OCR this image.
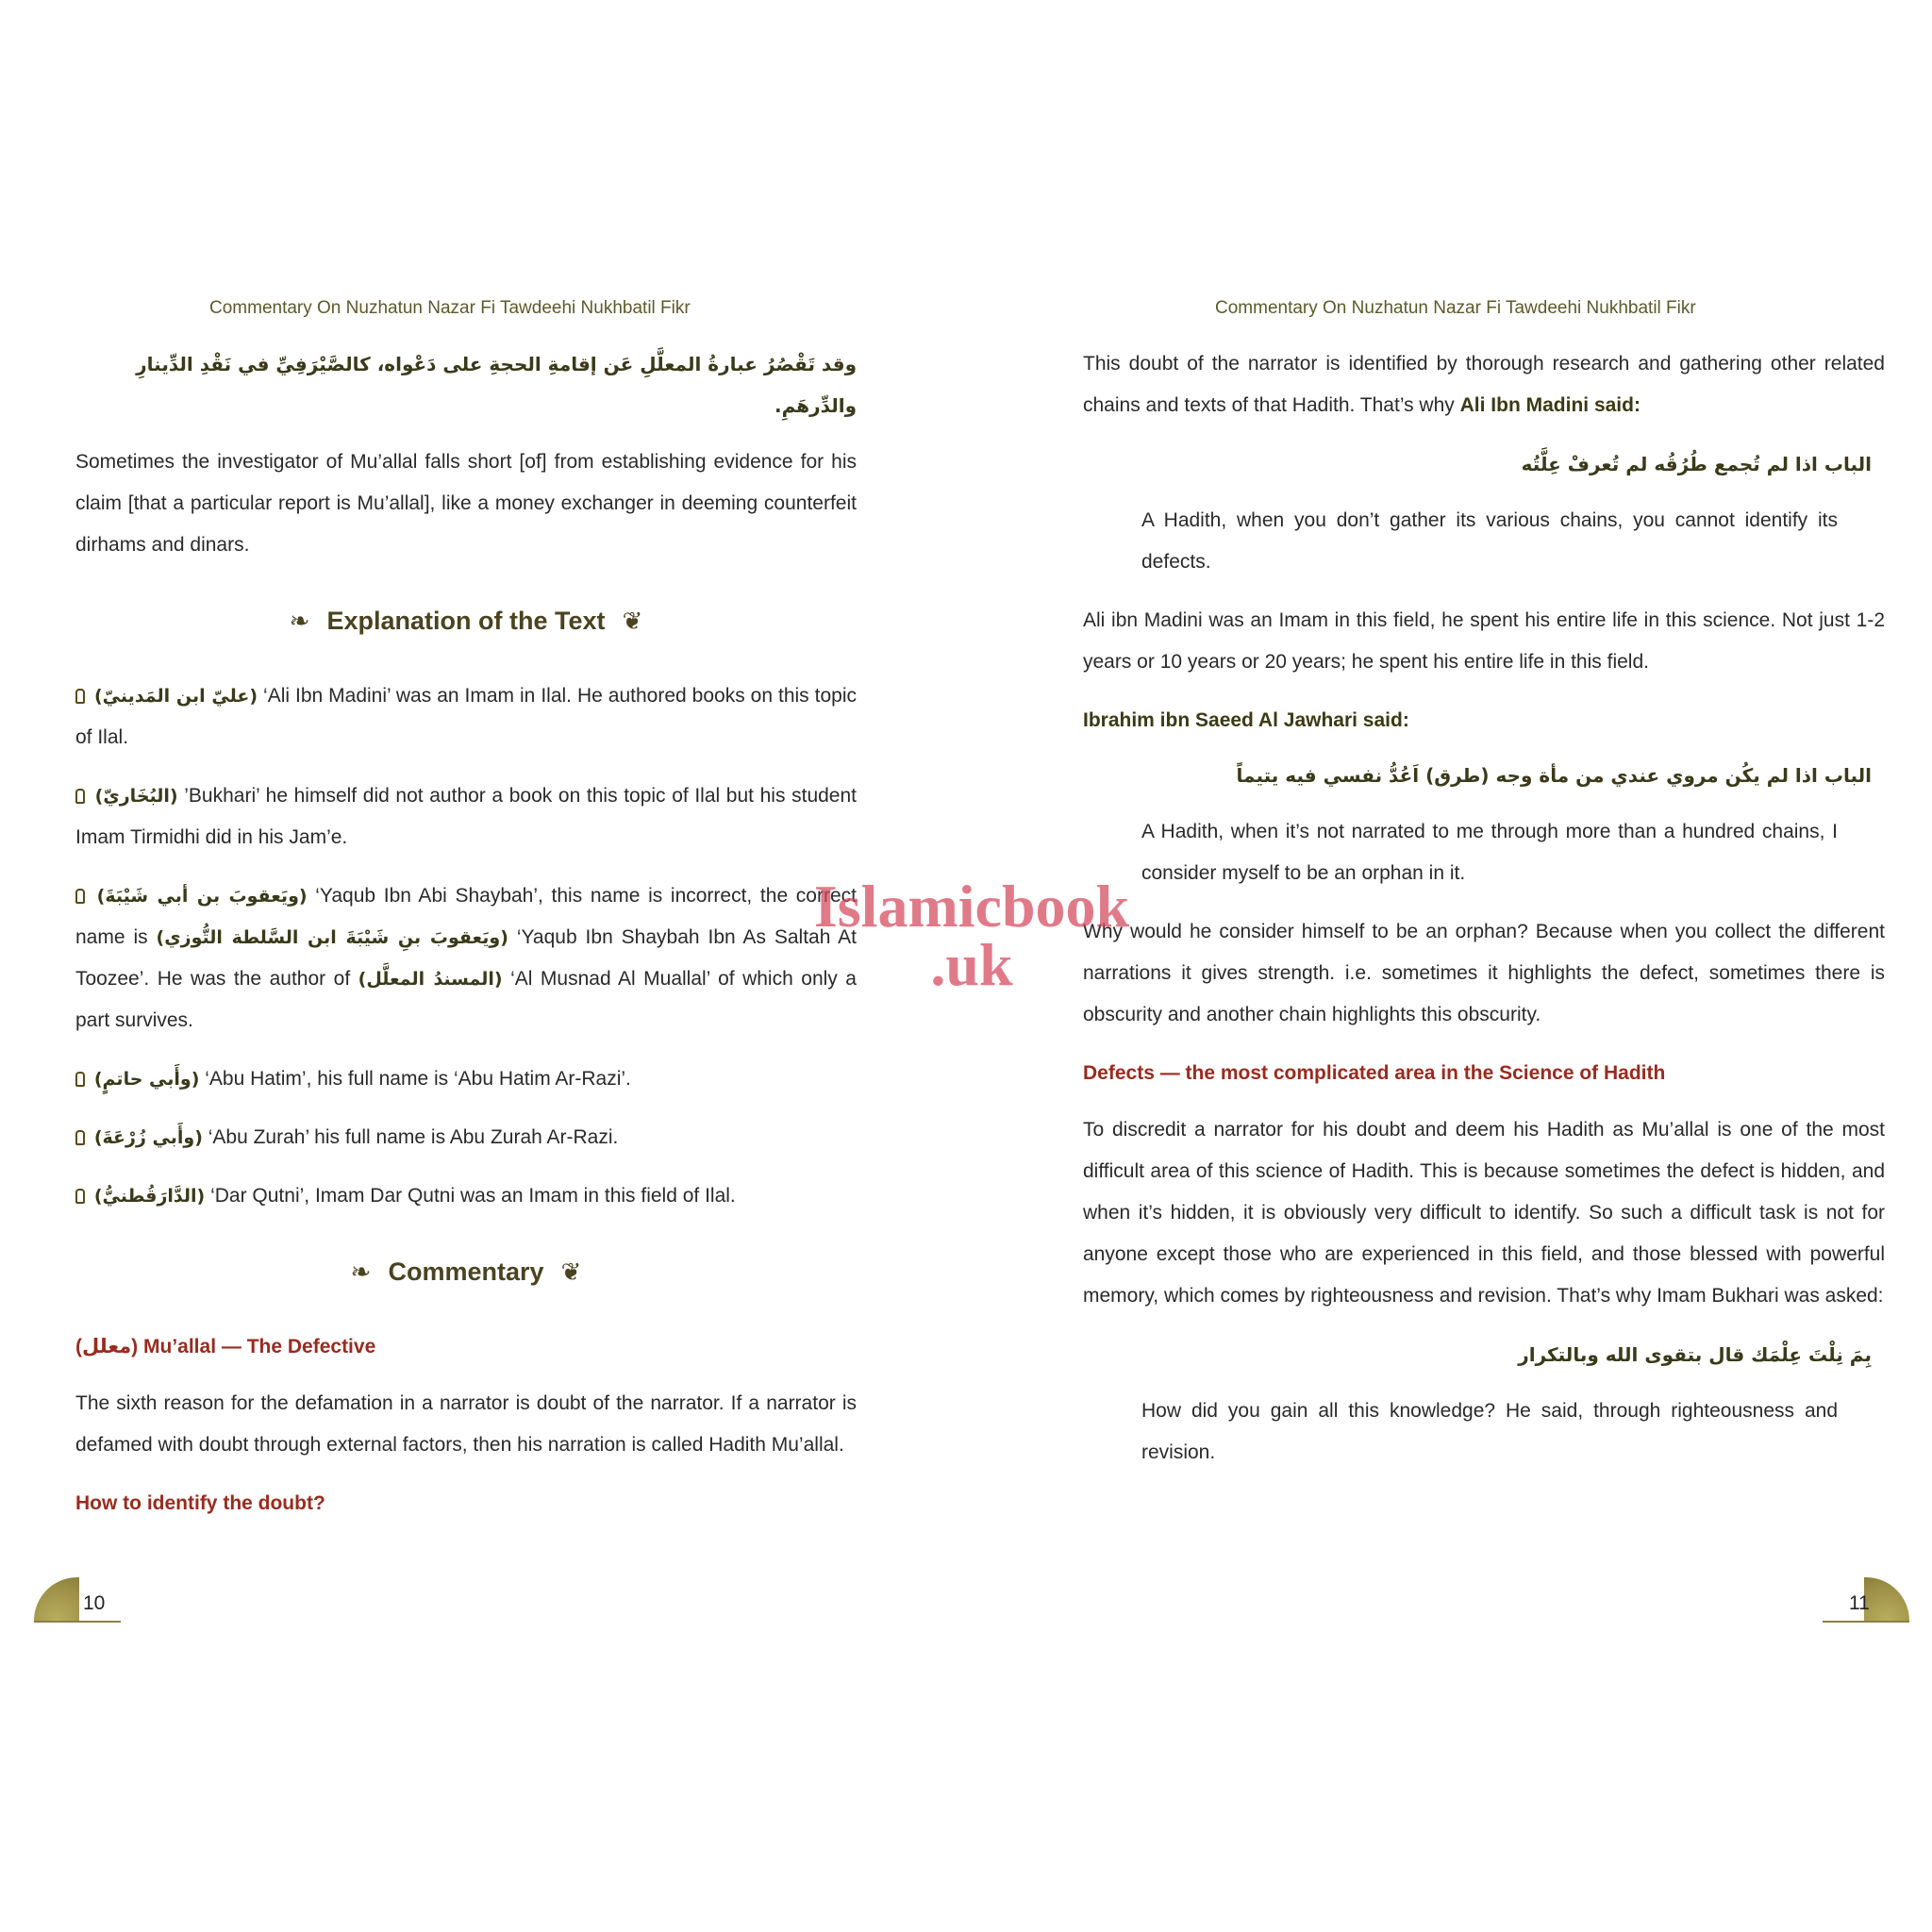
Commentary On Nuzhatun Nazar Fi Tawdeehi Nukhbatil Fikr
وقد تَقْصُرُ عبارةُ المعلَّلِ عَن إقامةِ الحجةِ على دَعْواه، كالصَّيْرَفِيِّ في نَقْدِ الدِّينارِ والدِّرهَمِ.

Sometimes the investigator of Mu’allal falls short [of] from establishing evidence for his claim [that a particular report is Mu’allal], like a money exchanger in deeming counterfeit dirhams and dinars.

❧ Explanation of the Text ❦
(عليّ ابن المَدينيّ) ‘Ali Ibn Madini’ was an Imam in Ilal. He authored books on this topic of Ilal.
(البُخَاريّ) ’Bukhari’ he himself did not author a book on this topic of Ilal but his student Imam Tirmidhi did in his Jam’e.
(ويَعقوبَ بن أبي شَيْبَةَ) ‘Yaqub Ibn Abi Shaybah’, this name is incorrect, the correct name is (ويَعقوبَ بنِ شَيْبَةَ ابن السَّلطة التُّوزي) ‘Yaqub Ibn Shaybah Ibn As Saltah At Toozee’. He was the author of (المسندُ المعلَّل) ‘Al Musnad Al Muallal’ of which only a part survives.
(وأَبي حاتمٍ) ‘Abu Hatim’, his full name is ‘Abu Hatim Ar-Razi’.
(وأَبي زُرْعَةَ) ‘Abu Zurah’ his full name is Abu Zurah Ar-Razi.
(الدَّارَقُطنيُّ) ‘Dar Qutni’, Imam Dar Qutni was an Imam in this field of Ilal.
❧ Commentary ❦
(معلل) Mu’allal — The Defective

The sixth reason for the defamation in a narrator is doubt of the narrator. If a narrator is defamed with doubt through external factors, then his narration is called Hadith Mu’allal.

How to identify the doubt?
10
Commentary On Nuzhatun Nazar Fi Tawdeehi Nukhbatil Fikr

This doubt of the narrator is identified by thorough research and gathering other related chains and texts of that Hadith. That’s why Ali Ibn Madini said:

الباب اذا لم تُجمع طُرُقُه لم تُعرفْ عِلَّتُه
A Hadith, when you don’t gather its various chains, you cannot identify its defects.

Ali ibn Madini was an Imam in this field, he spent his entire life in this science. Not just 1-2 years or 10 years or 20 years; he spent his entire life in this field.

Ibrahim ibn Saeed Al Jawhari said:
الباب اذا لم يكُن مروي عندي من مأة وجه (طرق) اَعُدُّ نفسي فيه يتيماً
A Hadith, when it’s not narrated to me through more than a hundred chains, I consider myself to be an orphan in it.

Why would he consider himself to be an orphan? Because when you collect the different narrations it gives strength. i.e. sometimes it highlights the defect, sometimes there is obscurity and another chain highlights this obscurity.

Defects — the most complicated area in the Science of Hadith

To discredit a narrator for his doubt and deem his Hadith as Mu’allal is one of the most difficult area of this science of Hadith. This is because sometimes the defect is hidden, and when it’s hidden, it is obviously very difficult to identify. So such a difficult task is not for anyone except those who are experienced in this field, and those blessed with powerful memory, which comes by righteousness and revision. That’s why Imam Bukhari was asked:

بِمَ نِلْتَ عِلْمَك قال بتقوى الله وبالتكرار
How did you gain all this knowledge? He said, through righteousness and revision.
11
Islamicbook
.uk
